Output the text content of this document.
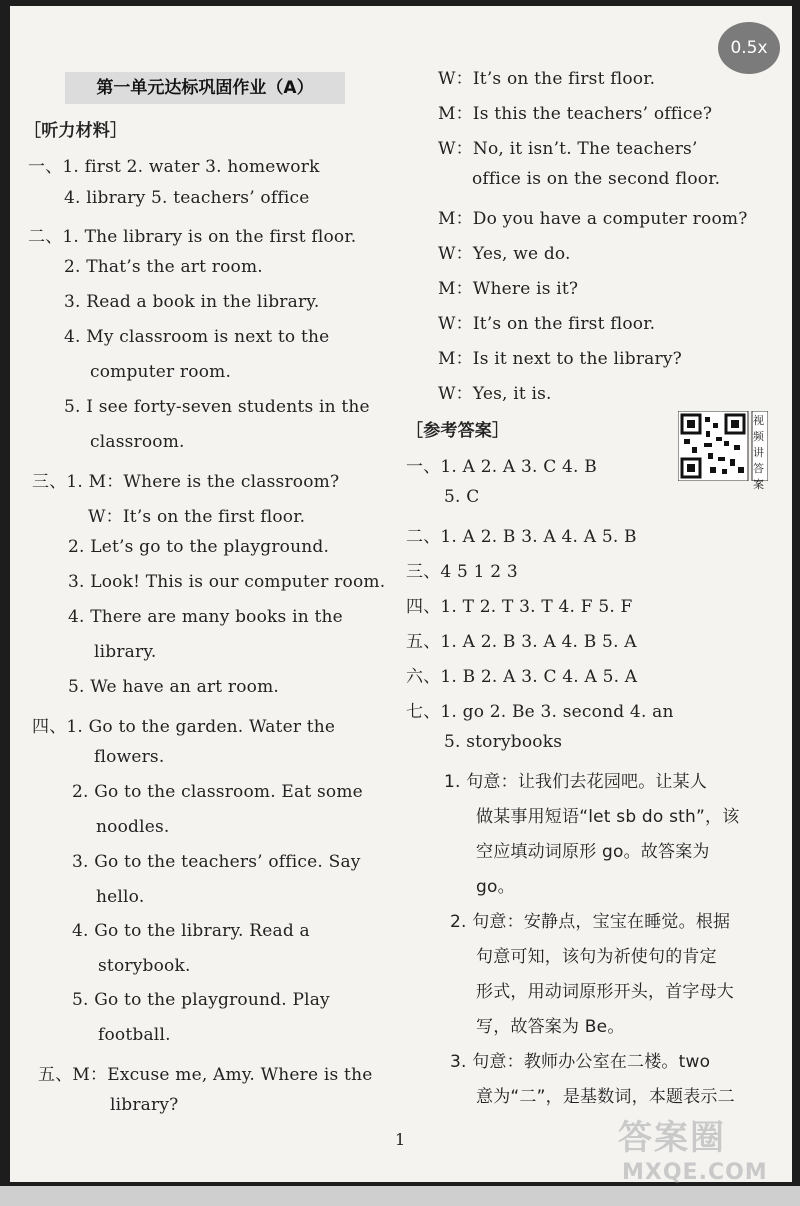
第一单元达标巩固作业（A）
［听力材料］
一、1. first 2. water 3. homework
4. library 5. teachers’ office
二、1. The library is on the first floor.
2. That’s the art room.
3. Read a book in the library.
4. My classroom is next to the
computer room.
5. I see forty-seven students in the
classroom.
三、1. M：Where is the classroom?
W：It’s on the first floor.
2. Let’s go to the playground.
3. Look! This is our computer room.
4. There are many books in the
library.
5. We have an art room.
四、1. Go to the garden. Water the
flowers.
2. Go to the classroom. Eat some
noodles.
3. Go to the teachers’ office. Say
hello.
4. Go to the library. Read a
storybook.
5. Go to the playground. Play
football.
五、M：Excuse me, Amy. Where is the
library?
W：It’s on the first floor.
M：Is this the teachers’ office?
W：No, it isn’t. The teachers’
office is on the second floor.
M：Do you have a computer room?
W：Yes, we do.
M：Where is it?
W：It’s on the first floor.
M：Is it next to the library?
W：Yes, it is.
［参考答案］
一、1. A 2. A 3. C 4. B
5. C
二、1. A 2. B 3. A 4. A 5. B
三、4 5 1 2 3
四、1. T 2. T 3. T 4. F 5. F
五、1. A 2. B 3. A 4. B 5. A
六、1. B 2. A 3. C 4. A 5. A
七、1. go 2. Be 3. second 4. an
5. storybooks
1. 句意：让我们去花园吧。让某人
做某事用短语“let sb do sth”，该
空应填动词原形 go。故答案为
go。
2. 句意：安静点，宝宝在睡觉。根据
句意可知，该句为祈使句的肯定
形式，用动词原形开头，首字母大
写，故答案为 Be。
3. 句意：教师办公室在二楼。two
意为“二”，是基数词，本题表示二
视频讲答案
1
0.5x
答案圈
MXQE.COM
